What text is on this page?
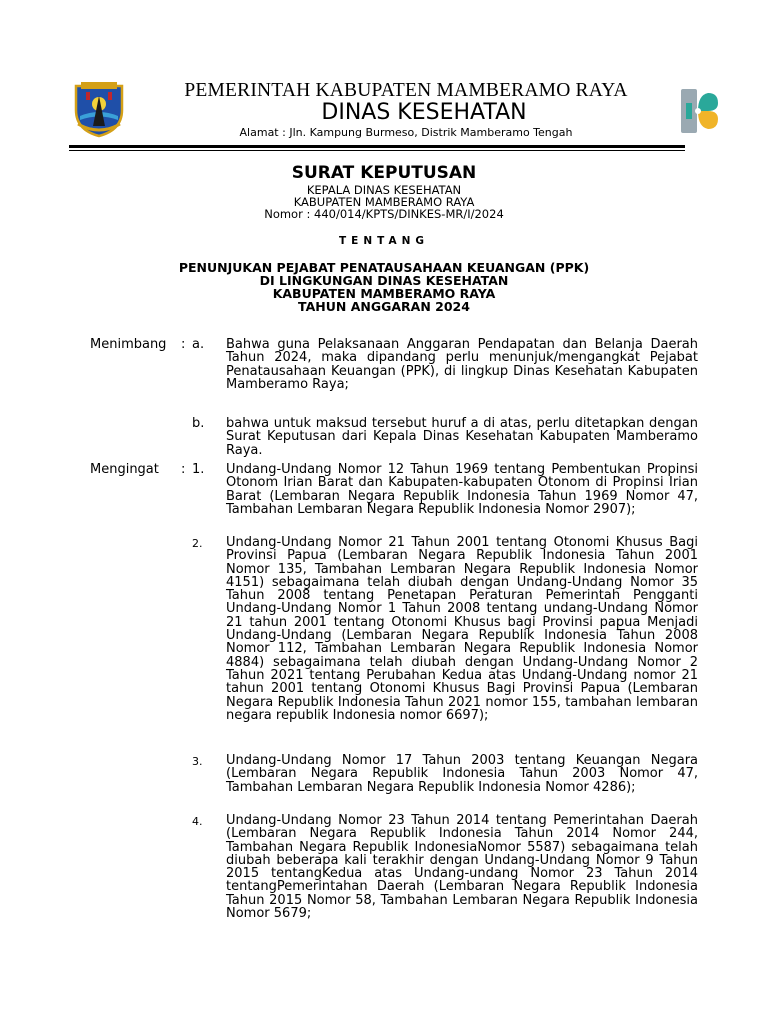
PEMERINTAH KABUPATEN MAMBERAMO RAYA
DINAS KESEHATAN
Alamat : Jln. Kampung Burmeso, Distrik Mamberamo Tengah
SURAT KEPUTUSAN
KEPALA DINAS KESEHATAN
KABUPATEN MAMBERAMO RAYA
Nomor : 440/014/KPTS/DINKES-MR/I/2024
TENTANG
PENUNJUKAN PEJABAT PENATAUSAHAAN KEUANGAN (PPK)
DI LINGKUNGAN DINAS KESEHATAN
KABUPATEN MAMBERAMO RAYA
TAHUN ANGGARAN 2024
Menimbang : a. Bahwa guna Pelaksanaan Anggaran Pendapatan dan Belanja Daerah Tahun 2024, maka dipandang perlu menunjuk/mengangkat Pejabat Penatausahaan Keuangan (PPK), di lingkup Dinas Kesehatan Kabupaten Mamberamo Raya;
b. bahwa untuk maksud tersebut huruf a di atas, perlu ditetapkan dengan Surat Keputusan dari Kepala Dinas Kesehatan Kabupaten Mamberamo Raya.
Mengingat : 1. Undang-Undang Nomor 12 Tahun 1969 tentang Pembentukan Propinsi Otonom Irian Barat dan Kabupaten-kabupaten Otonom di Propinsi Irian Barat (Lembaran Negara Republik Indonesia Tahun 1969 Nomor 47, Tambahan Lembaran Negara Republik Indonesia Nomor 2907);
2. Undang-Undang Nomor 21 Tahun 2001 tentang Otonomi Khusus Bagi Provinsi Papua (Lembaran Negara Republik Indonesia Tahun 2001 Nomor 135, Tambahan Lembaran Negara Republik Indonesia Nomor 4151) sebagaimana telah diubah dengan Undang-Undang Nomor 35 Tahun 2008 tentang Penetapan Peraturan Pemerintah Pengganti Undang-Undang Nomor 1 Tahun 2008 tentang undang-Undang Nomor 21 tahun 2001 tentang Otonomi Khusus bagi Provinsi papua Menjadi Undang-Undang (Lembaran Negara Republik Indonesia Tahun 2008 Nomor 112, Tambahan Lembaran Negara Republik Indonesia Nomor 4884) sebagaimana telah diubah dengan Undang-Undang Nomor 2 Tahun 2021 tentang Perubahan Kedua atas Undang-Undang nomor 21 tahun 2001 tentang Otonomi Khusus Bagi Provinsi Papua (Lembaran Negara Republik Indonesia Tahun 2021 nomor 155, tambahan lembaran negara republik Indonesia nomor 6697);
3. Undang-Undang Nomor 17 Tahun 2003 tentang Keuangan Negara (Lembaran Negara Republik Indonesia Tahun 2003 Nomor 47, Tambahan Lembaran Negara Republik Indonesia Nomor 4286);
4. Undang-Undang Nomor 23 Tahun 2014 tentang Pemerintahan Daerah (Lembaran Negara Republik Indonesia Tahun 2014 Nomor 244, Tambahan Negara Republik IndonesiaNomor 5587) sebagaimana telah diubah beberapa kali terakhir dengan Undang-Undang Nomor 9 Tahun 2015 tentangKedua atas Undang-undang Nomor 23 Tahun 2014 tentangPemerintahan Daerah (Lembaran Negara Republik Indonesia Tahun 2015 Nomor 58, Tambahan Lembaran Negara Republik Indonesia Nomor 5679;
